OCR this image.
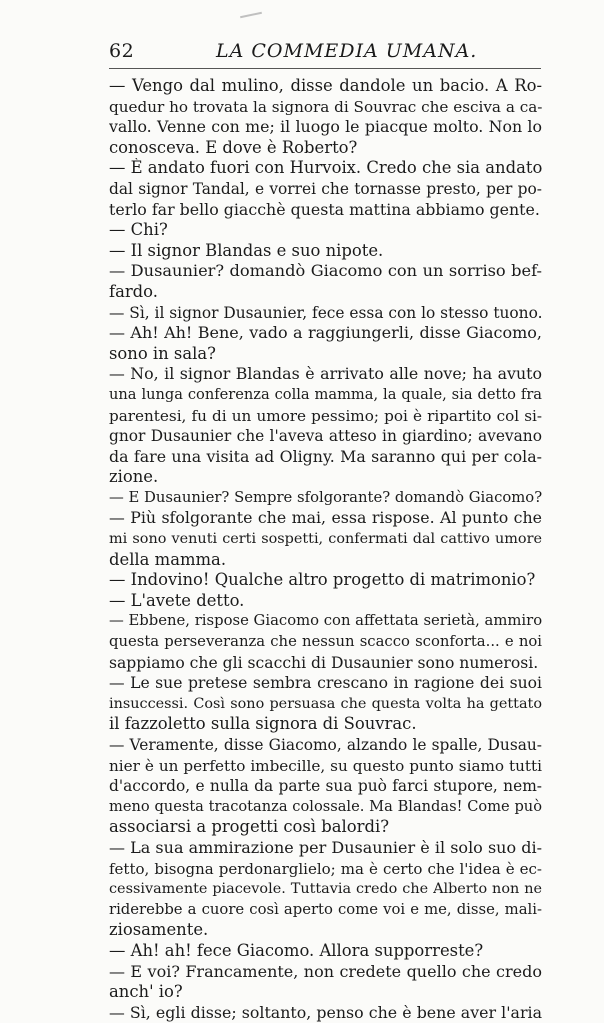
62	LA COMMEDIA UMANA.
— Vengo dal mulino, disse dandole un bacio. A Ro-
quedur ho trovata la signora di Souvrac che esciva a ca-
vallo. Venne con me; il luogo le piacque molto. Non lo
conosceva. E dove è Roberto?
— È andato fuori con Hurvoix. Credo che sia andato
dal signor Tandal, e vorrei che tornasse presto, per po-
terlo far bello giacchè questa mattina abbiamo gente.
— Chi?
— Il signor Blandas e suo nipote.
— Dusaunier? domandò Giacomo con un sorriso bef-
fardo.
— Sì, il signor Dusaunier, fece essa con lo stesso tuono.
— Ah! Ah! Bene, vado a raggiungerli, disse Giacomo,
sono in sala?
— No, il signor Blandas è arrivato alle nove; ha avuto
una lunga conferenza colla mamma, la quale, sia detto fra
parentesi, fu di un umore pessimo; poi è ripartito col si-
gnor Dusaunier che l'aveva atteso in giardino; avevano
da fare una visita ad Oligny. Ma saranno qui per cola-
zione.
— E Dusaunier? Sempre sfolgorante? domandò Giacomo?
— Più sfolgorante che mai, essa rispose. Al punto che
mi sono venuti certi sospetti, confermati dal cattivo umore
della mamma.
— Indovino! Qualche altro progetto di matrimonio?
— L'avete detto.
— Ebbene, rispose Giacomo con affettata serietà, ammiro
questa perseveranza che nessun scacco sconforta... e noi
sappiamo che gli scacchi di Dusaunier sono numerosi.
— Le sue pretese sembra crescano in ragione dei suoi
insuccessi. Così sono persuasa che questa volta ha gettato
il fazzoletto sulla signora di Souvrac.
— Veramente, disse Giacomo, alzando le spalle, Dusau-
nier è un perfetto imbecille, su questo punto siamo tutti
d'accordo, e nulla da parte sua può farci stupore, nem-
meno questa tracotanza colossale. Ma Blandas! Come può
associarsi a progetti così balordi?
— La sua ammirazione per Dusaunier è il solo suo di-
fetto, bisogna perdonarglielo; ma è certo che l'idea è ec-
cessivamente piacevole. Tuttavia credo che Alberto non ne
riderebbe a cuore così aperto come voi e me, disse, mali-
ziosamente.
— Ah! ah! fece Giacomo. Allora supporreste?
— E voi? Francamente, non credete quello che credo
anch' io?
— Sì, egli disse; soltanto, penso che è bene aver l'aria
